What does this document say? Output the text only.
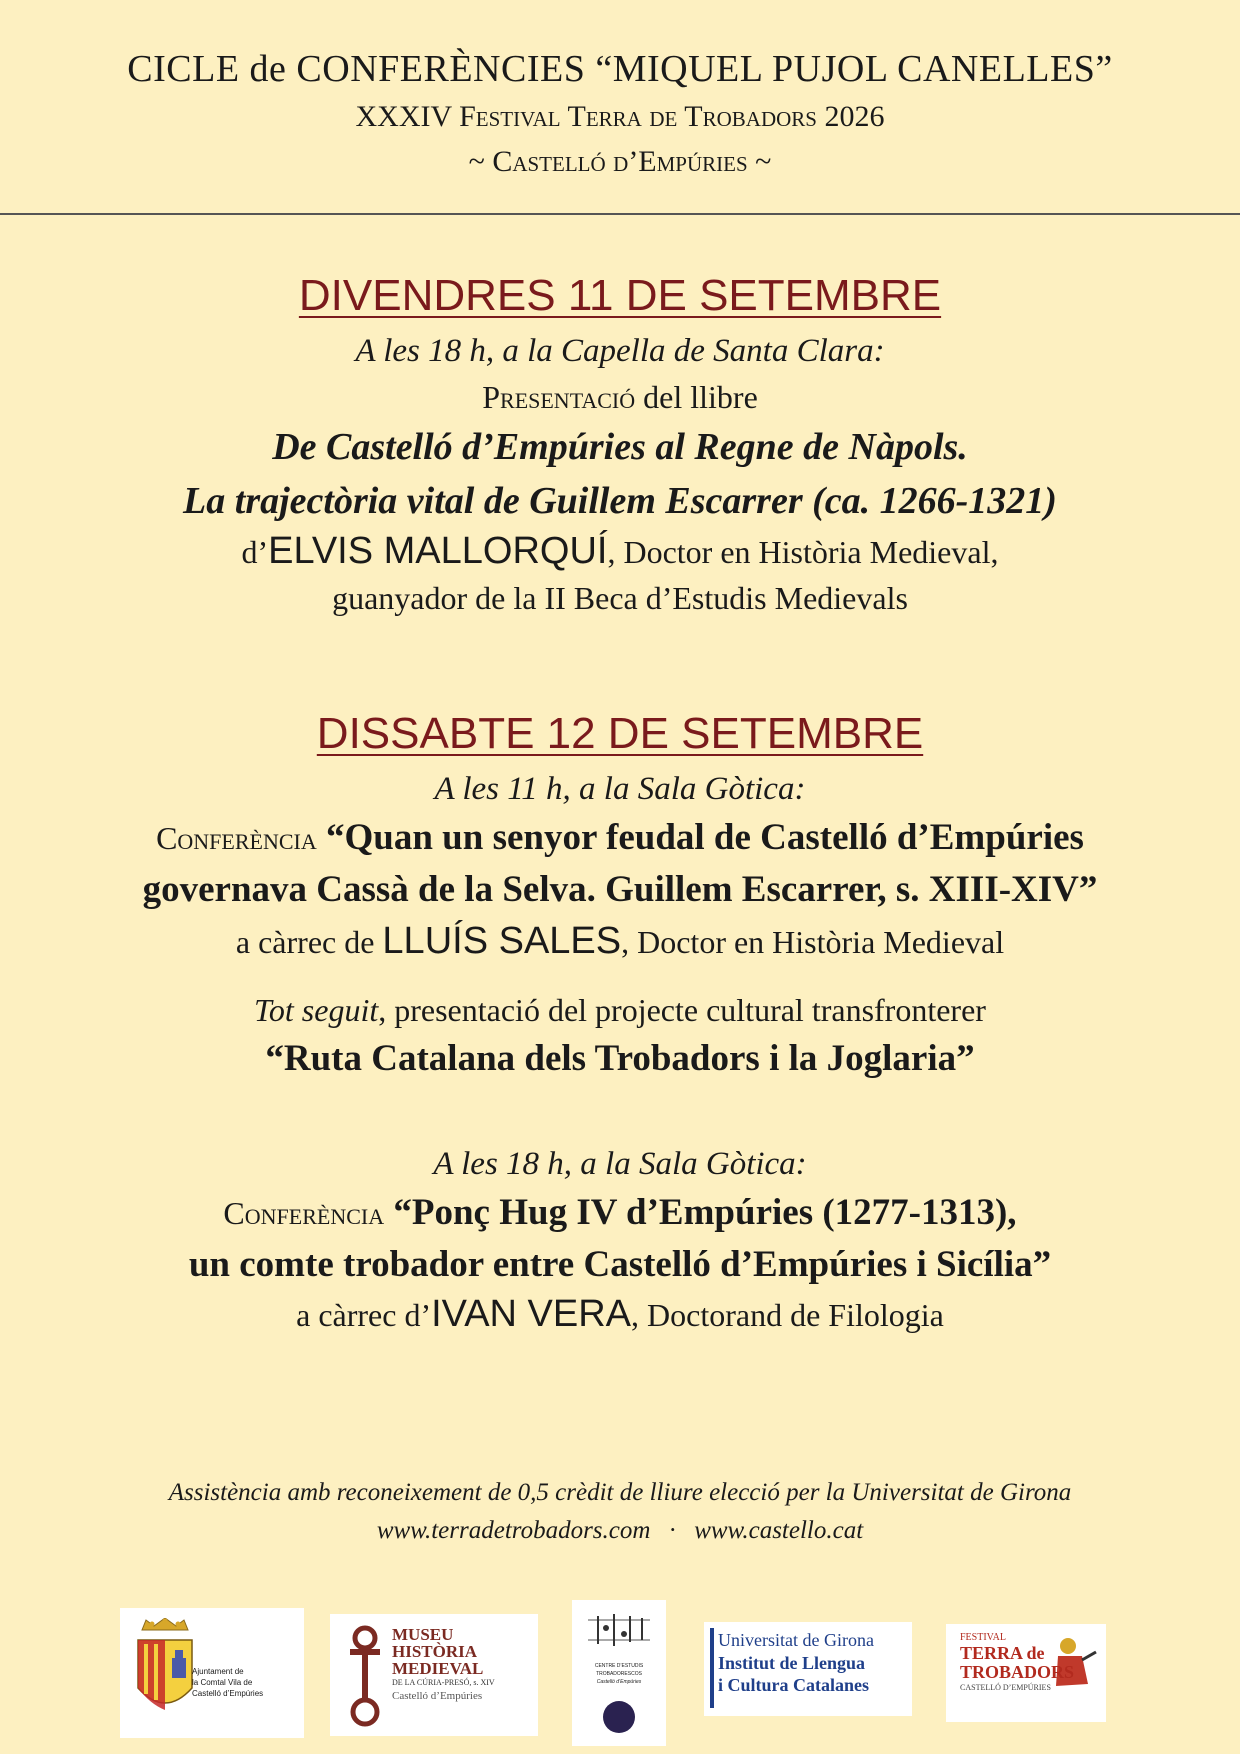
CICLE de CONFERÈNCIES “MIQUEL PUJOL CANELLES”
XXXIV Festival Terra de Trobadors 2026
~ Castelló d’Empúries ~
DIVENDRES 11 DE SETEMBRE
A les 18 h, a la Capella de Santa Clara:
Presentació del llibre
De Castelló d’Empúries al Regne de Nàpols.
La trajectòria vital de Guillem Escarrer (ca. 1266-1321)
d’ELVIS MALLORQUÍ, Doctor en Història Medieval,
guanyador de la II Beca d’Estudis Medievals
DISSABTE 12 DE SETEMBRE
A les 11 h, a la Sala Gòtica:
Conferència “Quan un senyor feudal de Castelló d’Empúries
governava Cassà de la Selva. Guillem Escarrer, s. XIII-XIV”
a càrrec de LLUÍS SALES, Doctor en Història Medieval
Tot seguit, presentació del projecte cultural transfronterer
“Ruta Catalana dels Trobadors i la Joglaria”
A les 18 h, a la Sala Gòtica:
Conferència “Ponç Hug IV d’Empúries (1277-1313),
un comte trobador entre Castelló d’Empúries i Sicília”
a càrrec d’IVAN VERA, Doctorand de Filologia
Assistència amb reconeixement de 0,5 crèdit de lliure elecció per la Universitat de Girona
www.terradetrobadors.com · www.castello.cat
Ajuntament de
la Comtal Vila de
Castelló d’Empúries
MUSEU
HISTÒRIA
MEDIEVAL
DE LA CÚRIA-PRESÓ, s. XIV
Castelló d’Empúries
CENTRE D’ESTUDIS TROBADORESCOS
Castelló d’Empúries
Universitat de Girona
Institut de Llengua
i Cultura Catalanes
FESTIVAL
TERRA de
TROBADORS
CASTELLÓ D’EMPÚRIES
